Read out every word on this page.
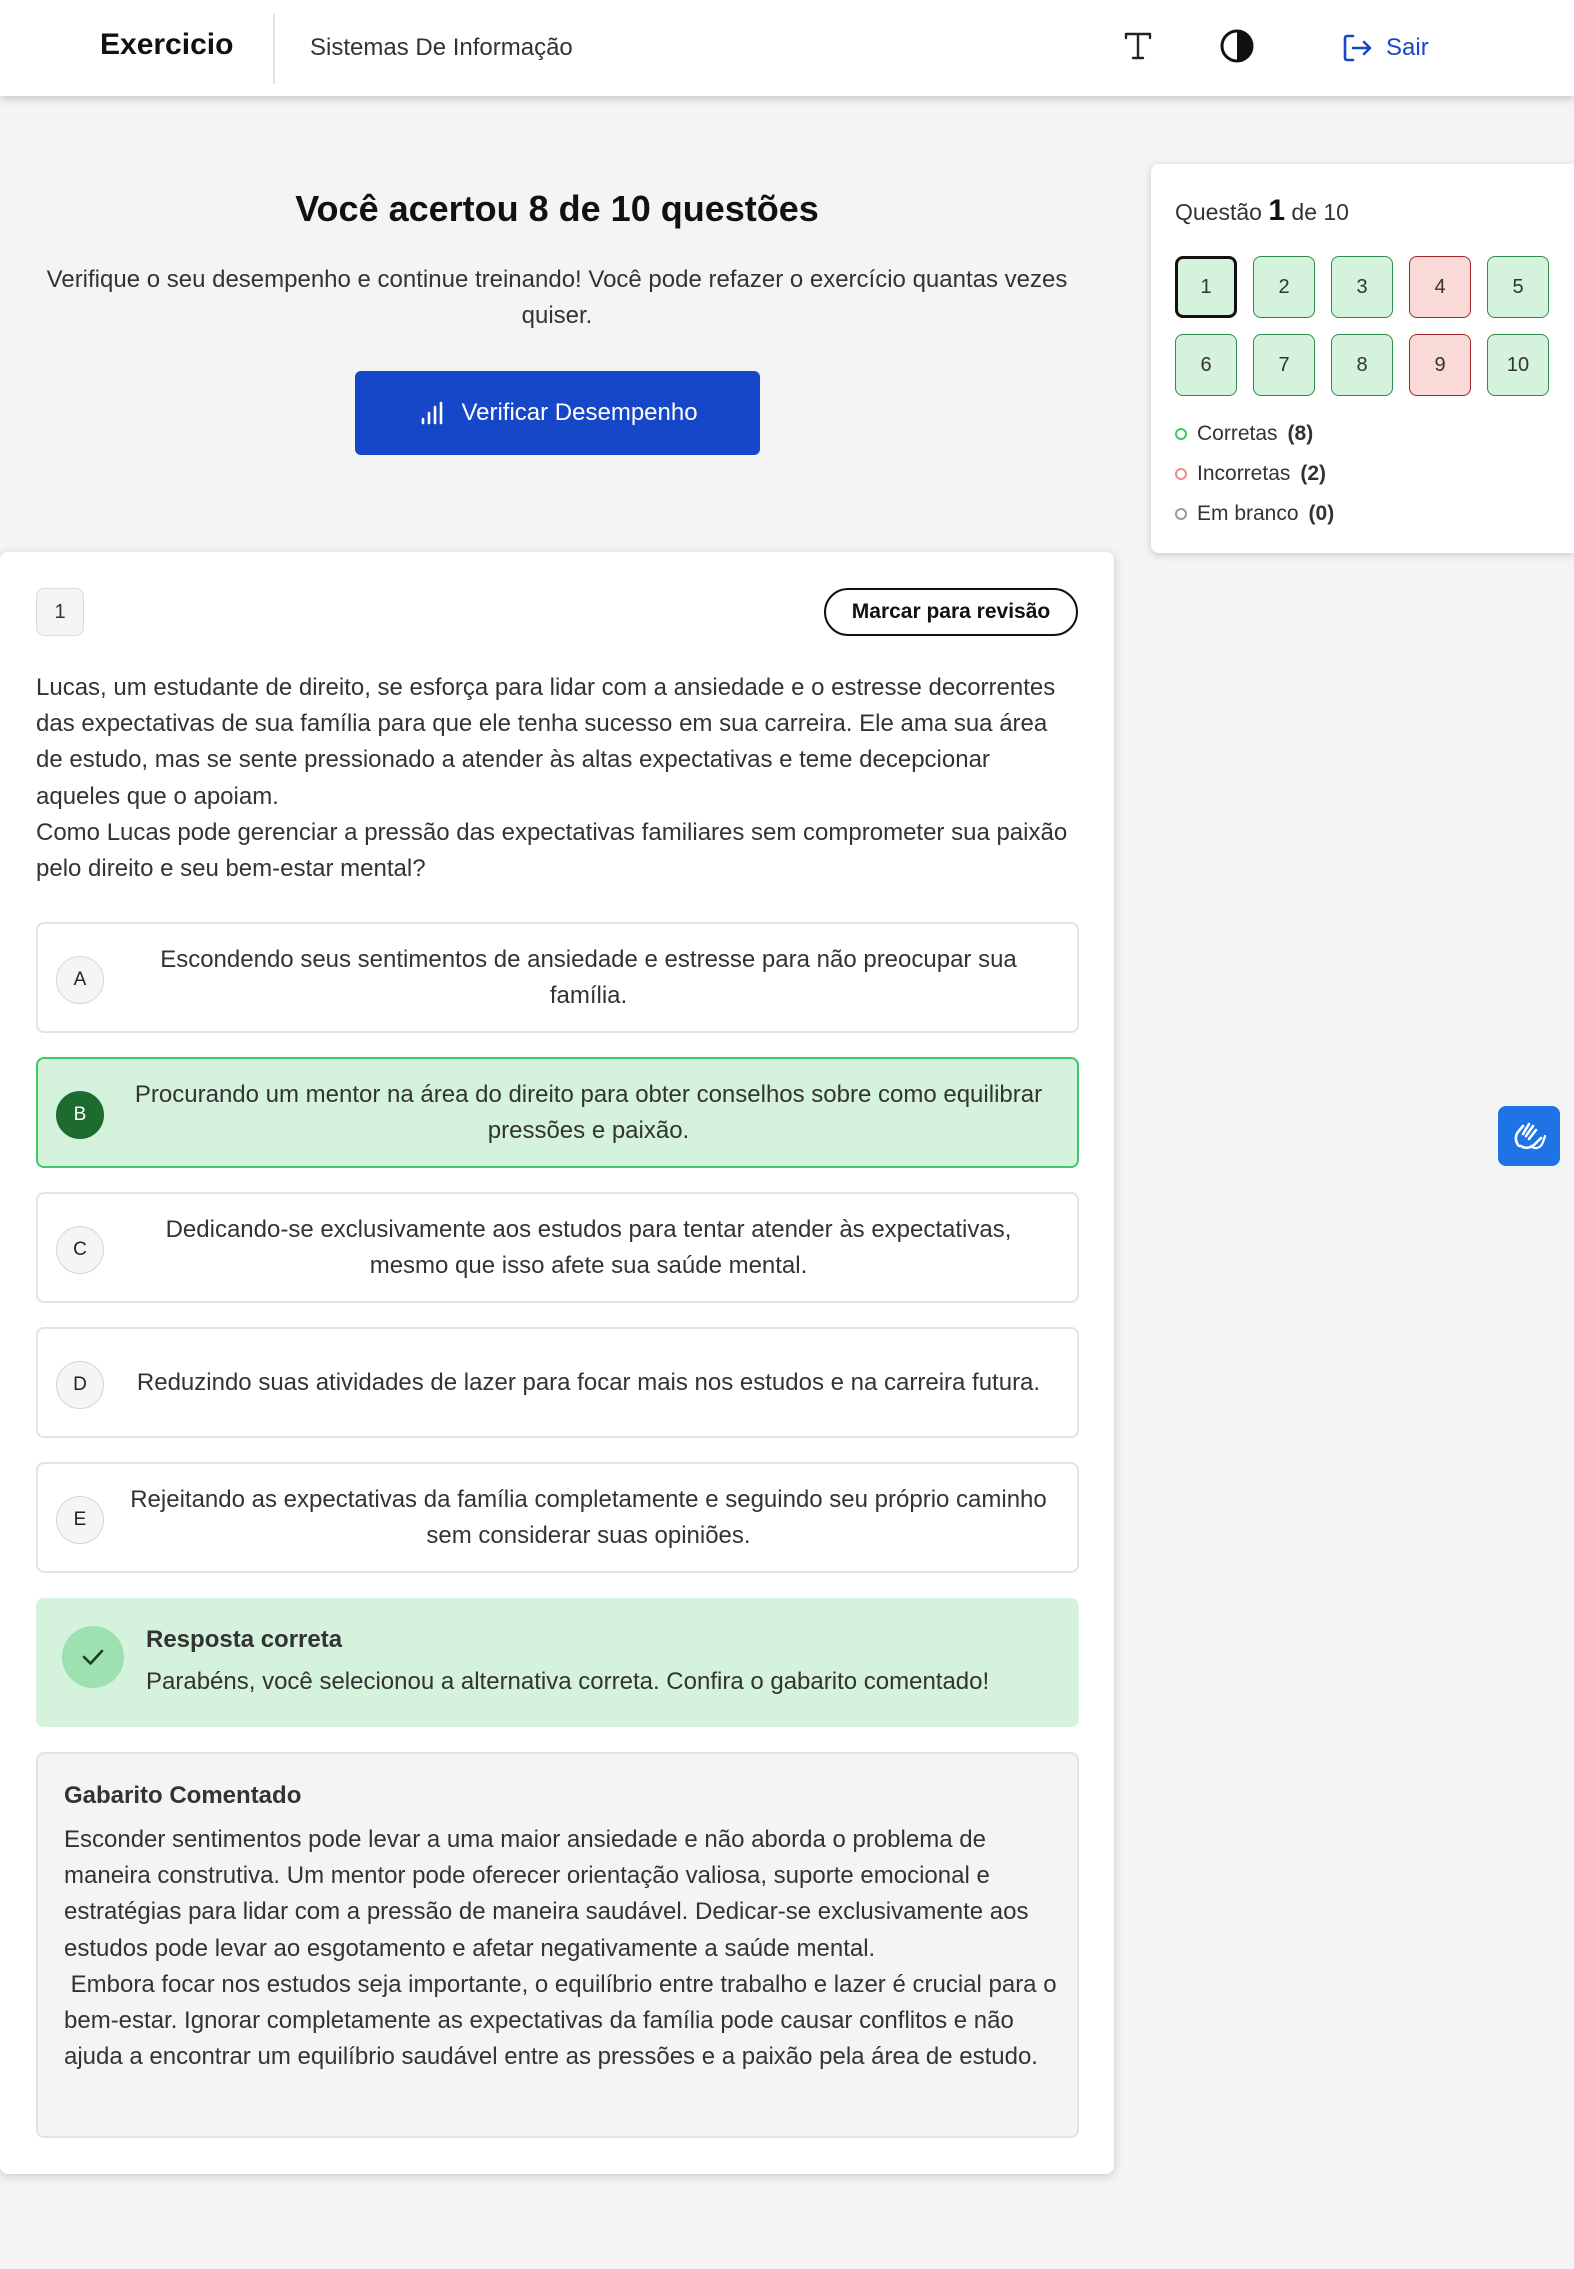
Exercicio	Sistemas De Informação	Sair
Você acertou 8 de 10 questões
Verifique o seu desempenho e continue treinando! Você pode refazer o exercício quantas vezes quiser.
Verificar Desempenho
Questão 1 de 10
1	2	3	4	5
6	7	8	9	10
Corretas (8)
Incorretas (2)
Em branco (0)
1	Marcar para revisão

Lucas, um estudante de direito, se esforça para lidar com a ansiedade e o estresse decorrentes das expectativas de sua família para que ele tenha sucesso em sua carreira. Ele ama sua área de estudo, mas se sente pressionado a atender às altas expectativas e teme decepcionar aqueles que o apoiam.

Como Lucas pode gerenciar a pressão das expectativas familiares sem comprometer sua paixão pelo direito e seu bem-estar mental?

A
Escondendo seus sentimentos de ansiedade e estresse para não preocupar sua família.
B
Procurando um mentor na área do direito para obter conselhos sobre como equilibrar pressões e paixão.
C
Dedicando-se exclusivamente aos estudos para tentar atender às expectativas, mesmo que isso afete sua saúde mental.
D	Reduzindo suas atividades de lazer para focar mais nos estudos e na carreira futura.
E
Rejeitando as expectativas da família completamente e seguindo seu próprio caminho sem considerar suas opiniões.
Resposta correta
Parabéns, você selecionou a alternativa correta. Confira o gabarito comentado!
Gabarito Comentado

Esconder sentimentos pode levar a uma maior ansiedade e não aborda o problema de maneira construtiva. Um mentor pode oferecer orientação valiosa, suporte emocional e estratégias para lidar com a pressão de maneira saudável. Dedicar-se exclusivamente aos estudos pode levar ao esgotamento e afetar negativamente a saúde mental.

Embora focar nos estudos seja importante, o equilíbrio entre trabalho e lazer é crucial para o bem-estar. Ignorar completamente as expectativas da família pode causar conflitos e não ajuda a encontrar um equilíbrio saudável entre as pressões e a paixão pela área de estudo.
